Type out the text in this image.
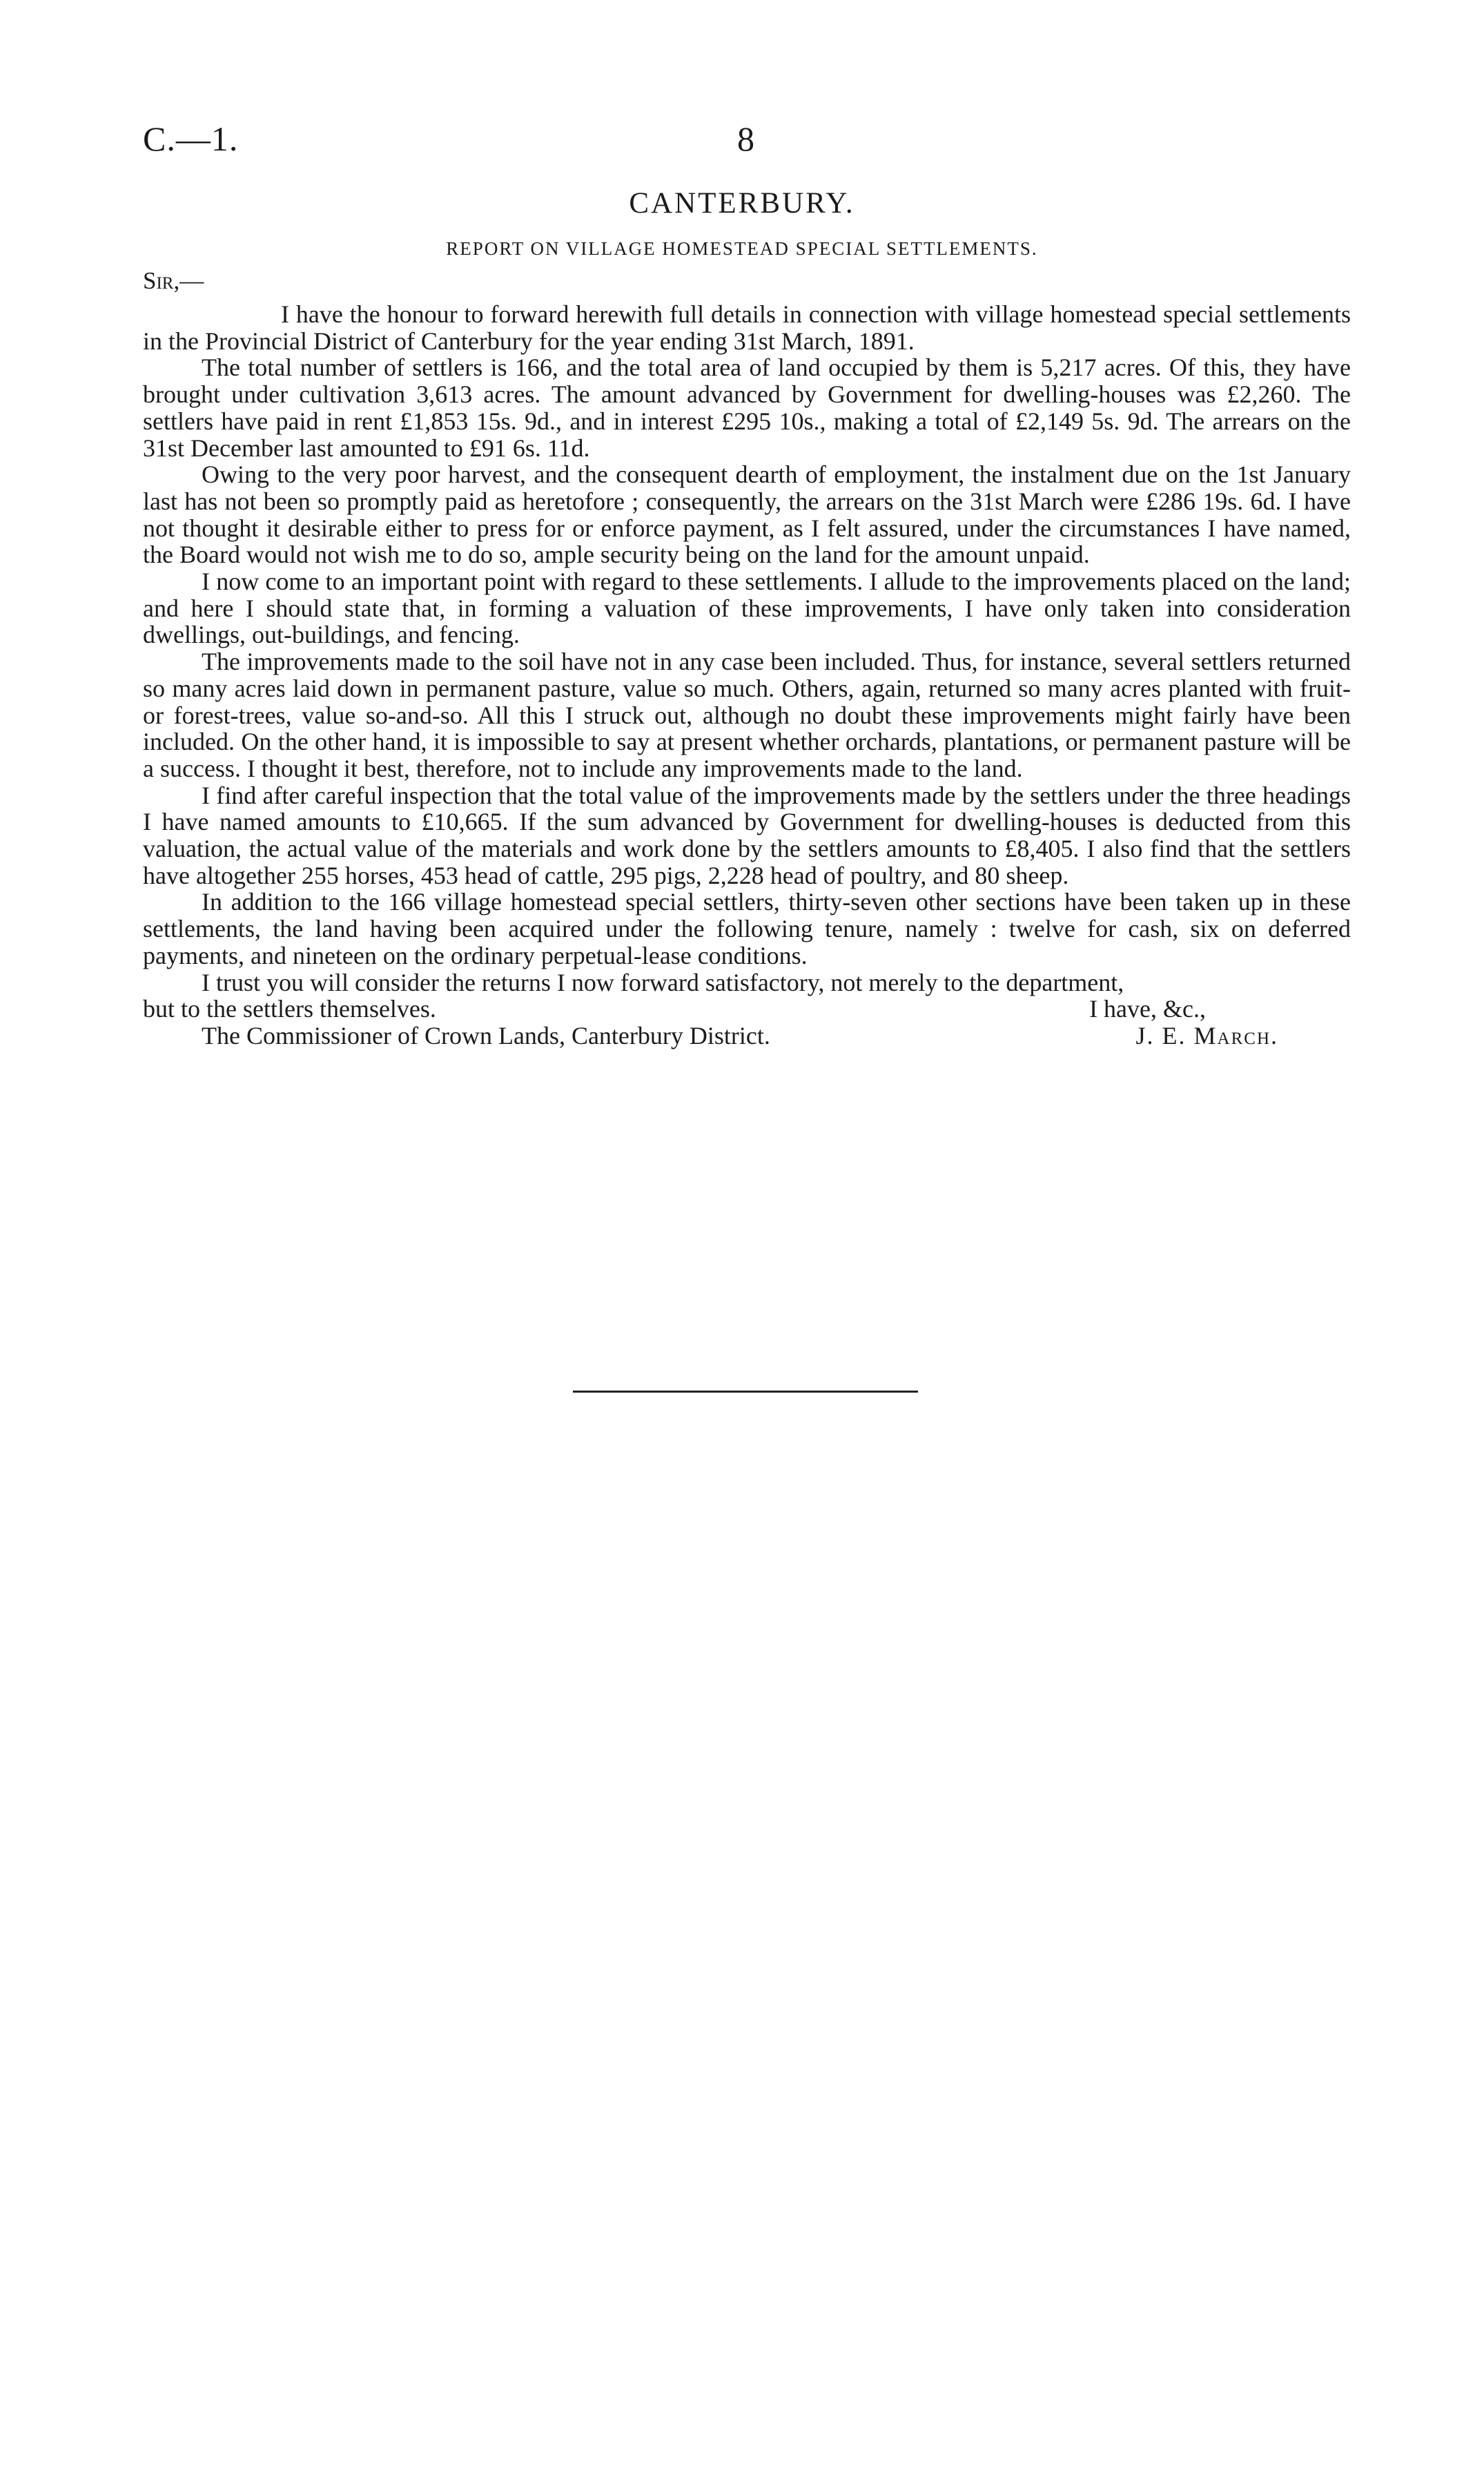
C.—1.	8
CANTERBURY.
REPORT ON VILLAGE HOMESTEAD SPECIAL SETTLEMENTS.
Sir,—

I have the honour to forward herewith full details in connection with village homestead special settlements in the Provincial District of Canterbury for the year ending 31st March, 1891.

The total number of settlers is 166, and the total area of land occupied by them is 5,217 acres. Of this, they have brought under cultivation 3,613 acres. The amount advanced by Government for dwelling-houses was £2,260. The settlers have paid in rent £1,853 15s. 9d., and in interest £295 10s., making a total of £2,149 5s. 9d. The arrears on the 31st December last amounted to £91 6s. 11d.

Owing to the very poor harvest, and the consequent dearth of employment, the instalment due on the 1st January last has not been so promptly paid as heretofore ; consequently, the arrears on the 31st March were £286 19s. 6d. I have not thought it desirable either to press for or enforce payment, as I felt assured, under the circumstances I have named, the Board would not wish me to do so, ample security being on the land for the amount unpaid.

I now come to an important point with regard to these settlements. I allude to the improvements placed on the land; and here I should state that, in forming a valuation of these improvements, I have only taken into consideration dwellings, out-buildings, and fencing.

The improvements made to the soil have not in any case been included. Thus, for instance, several settlers returned so many acres laid down in permanent pasture, value so much. Others, again, returned so many acres planted with fruit- or forest-trees, value so-and-so. All this I struck out, although no doubt these improvements might fairly have been included. On the other hand, it is impossible to say at present whether orchards, plantations, or permanent pasture will be a success. I thought it best, therefore, not to include any improvements made to the land.

I find after careful inspection that the total value of the improvements made by the settlers under the three headings I have named amounts to £10,665. If the sum advanced by Government for dwelling-houses is deducted from this valuation, the actual value of the materials and work done by the settlers amounts to £8,405. I also find that the settlers have altogether 255 horses, 453 head of cattle, 295 pigs, 2,228 head of poultry, and 80 sheep.

In addition to the 166 village homestead special settlers, thirty-seven other sections have been taken up in these settlements, the land having been acquired under the following tenure, namely : twelve for cash, six on deferred payments, and nineteen on the ordinary perpetual-lease conditions.

I trust you will consider the returns I now forward satisfactory, not merely to the department,

but to the settlers themselves.	I have, &c.,
The Commissioner of Crown Lands, Canterbury District.	J. E. March.
